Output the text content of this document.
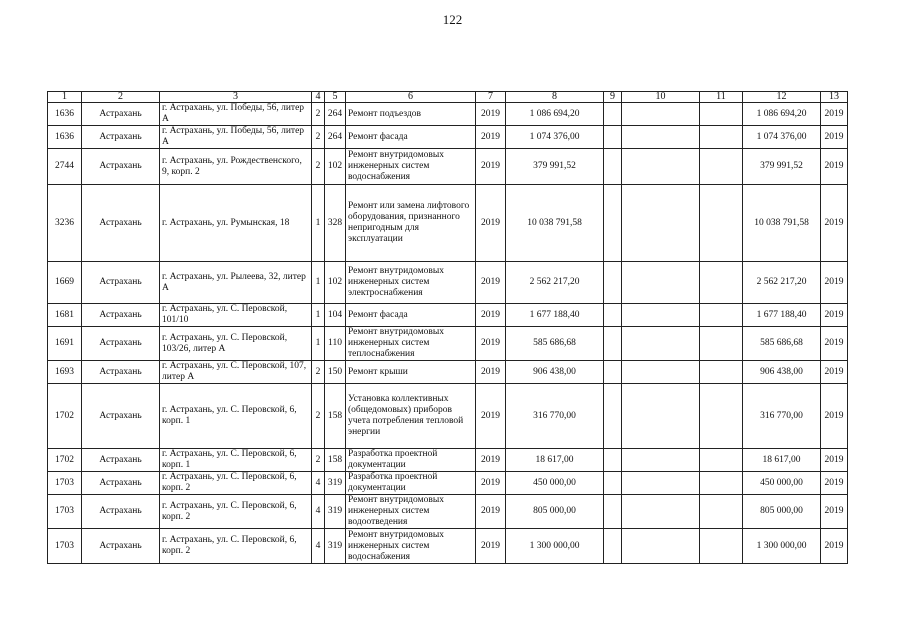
122
1	2	3	4	5	6	7	8	9	10	11	12	13
1636	Астрахань	г. Астрахань, ул. Победы, 56, литер А	2	264	Ремонт подъездов	2019	1 086 694,20				1 086 694,20	2019
1636	Астрахань	г. Астрахань, ул. Победы, 56, литер А	2	264	Ремонт фасада	2019	1 074 376,00				1 074 376,00	2019
2744	Астрахань	г. Астрахань, ул. Рождественского, 9, корп. 2	2	102	Ремонт внутридомовых инженерных систем водоснабжения	2019	379 991,52				379 991,52	2019
3236	Астрахань	г. Астрахань, ул. Румынская, 18	1	328	Ремонт или замена лифтового оборудования, признанного непригодным для эксплуатации	2019	10 038 791,58				10 038 791,58	2019
1669	Астрахань	г. Астрахань, ул. Рылеева, 32, литер А	1	102	Ремонт внутридомовых инженерных систем электроснабжения	2019	2 562 217,20				2 562 217,20	2019
1681	Астрахань	г. Астрахань, ул. С. Перовской, 101/10	1	104	Ремонт фасада	2019	1 677 188,40				1 677 188,40	2019
1691	Астрахань	г. Астрахань, ул. С. Перовской, 103/26, литер А	1	110	Ремонт внутридомовых инженерных систем теплоснабжения	2019	585 686,68				585 686,68	2019
1693	Астрахань	г. Астрахань, ул. С. Перовской, 107, литер А	2	150	Ремонт крыши	2019	906 438,00				906 438,00	2019
1702	Астрахань	г. Астрахань, ул. С. Перовской, 6, корп. 1	2	158	Установка коллективных (общедомовых) приборов учета потребления тепловой энергии	2019	316 770,00				316 770,00	2019
1702	Астрахань	г. Астрахань, ул. С. Перовской, 6, корп. 1	2	158	Разработка проектной документации	2019	18 617,00				18 617,00	2019
1703	Астрахань	г. Астрахань, ул. С. Перовской, 6, корп. 2	4	319	Разработка проектной документации	2019	450 000,00				450 000,00	2019
1703	Астрахань	г. Астрахань, ул. С. Перовской, 6, корп. 2	4	319	Ремонт внутридомовых инженерных систем водоотведения	2019	805 000,00				805 000,00	2019
1703	Астрахань	г. Астрахань, ул. С. Перовской, 6, корп. 2	4	319	Ремонт внутридомовых инженерных систем водоснабжения	2019	1 300 000,00				1 300 000,00	2019
